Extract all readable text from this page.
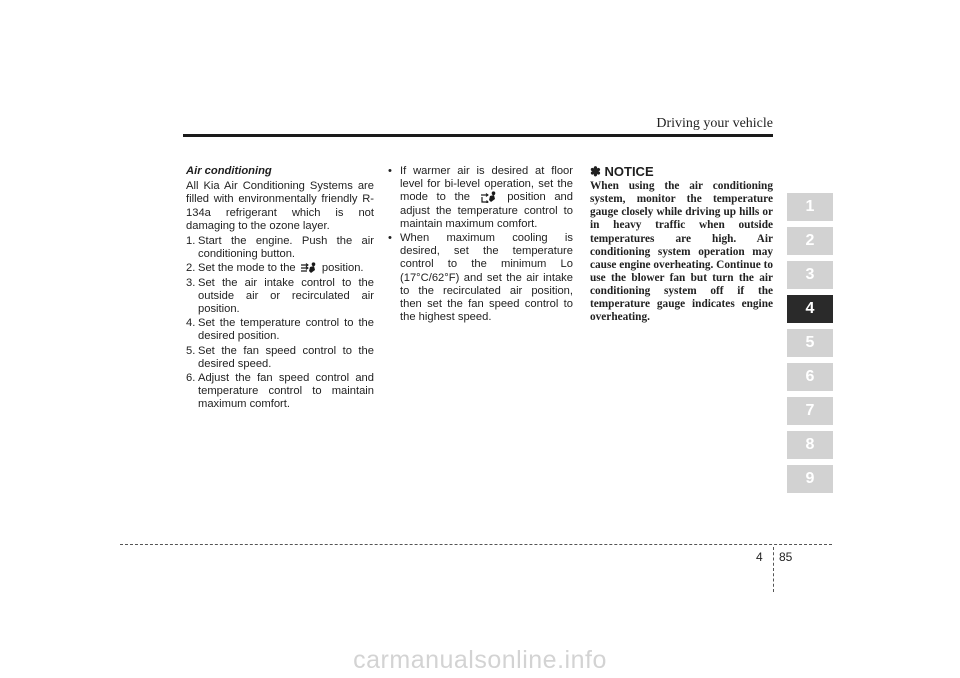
Driving your vehicle
Air conditioning
All Kia Air Conditioning Systems are filled with environmentally friendly R-134a refrigerant which is not damaging to the ozone layer.
1. Start the engine. Push the air conditioning button.
2. Set the mode to the position.
3. Set the air intake control to the outside air or recirculated air position.
4. Set the temperature control to the desired position.
5. Set the fan speed control to the desired speed.
6. Adjust the fan speed control and temperature control to maintain maximum comfort.
• If warmer air is desired at floor level for bi-level operation, set the mode to the	position and adjust the temperature control to maintain maximum comfort.
• When maximum cooling is desired, set the temperature control to the minimum Lo (17°C/62°F) and set the air intake to the recirculated air position, then set the fan speed control to the highest speed.
✽ NOTICE
When using the air conditioning system, monitor the temperature gauge closely while driving up hills or in heavy traffic when outside temperatures are high. Air conditioning system operation may cause engine overheating. Continue to use the blower fan but turn the air conditioning system off if the temperature gauge indicates engine overheating.
1
2
3
4
5
6
7
8
9
4 85
carmanualsonline.info
